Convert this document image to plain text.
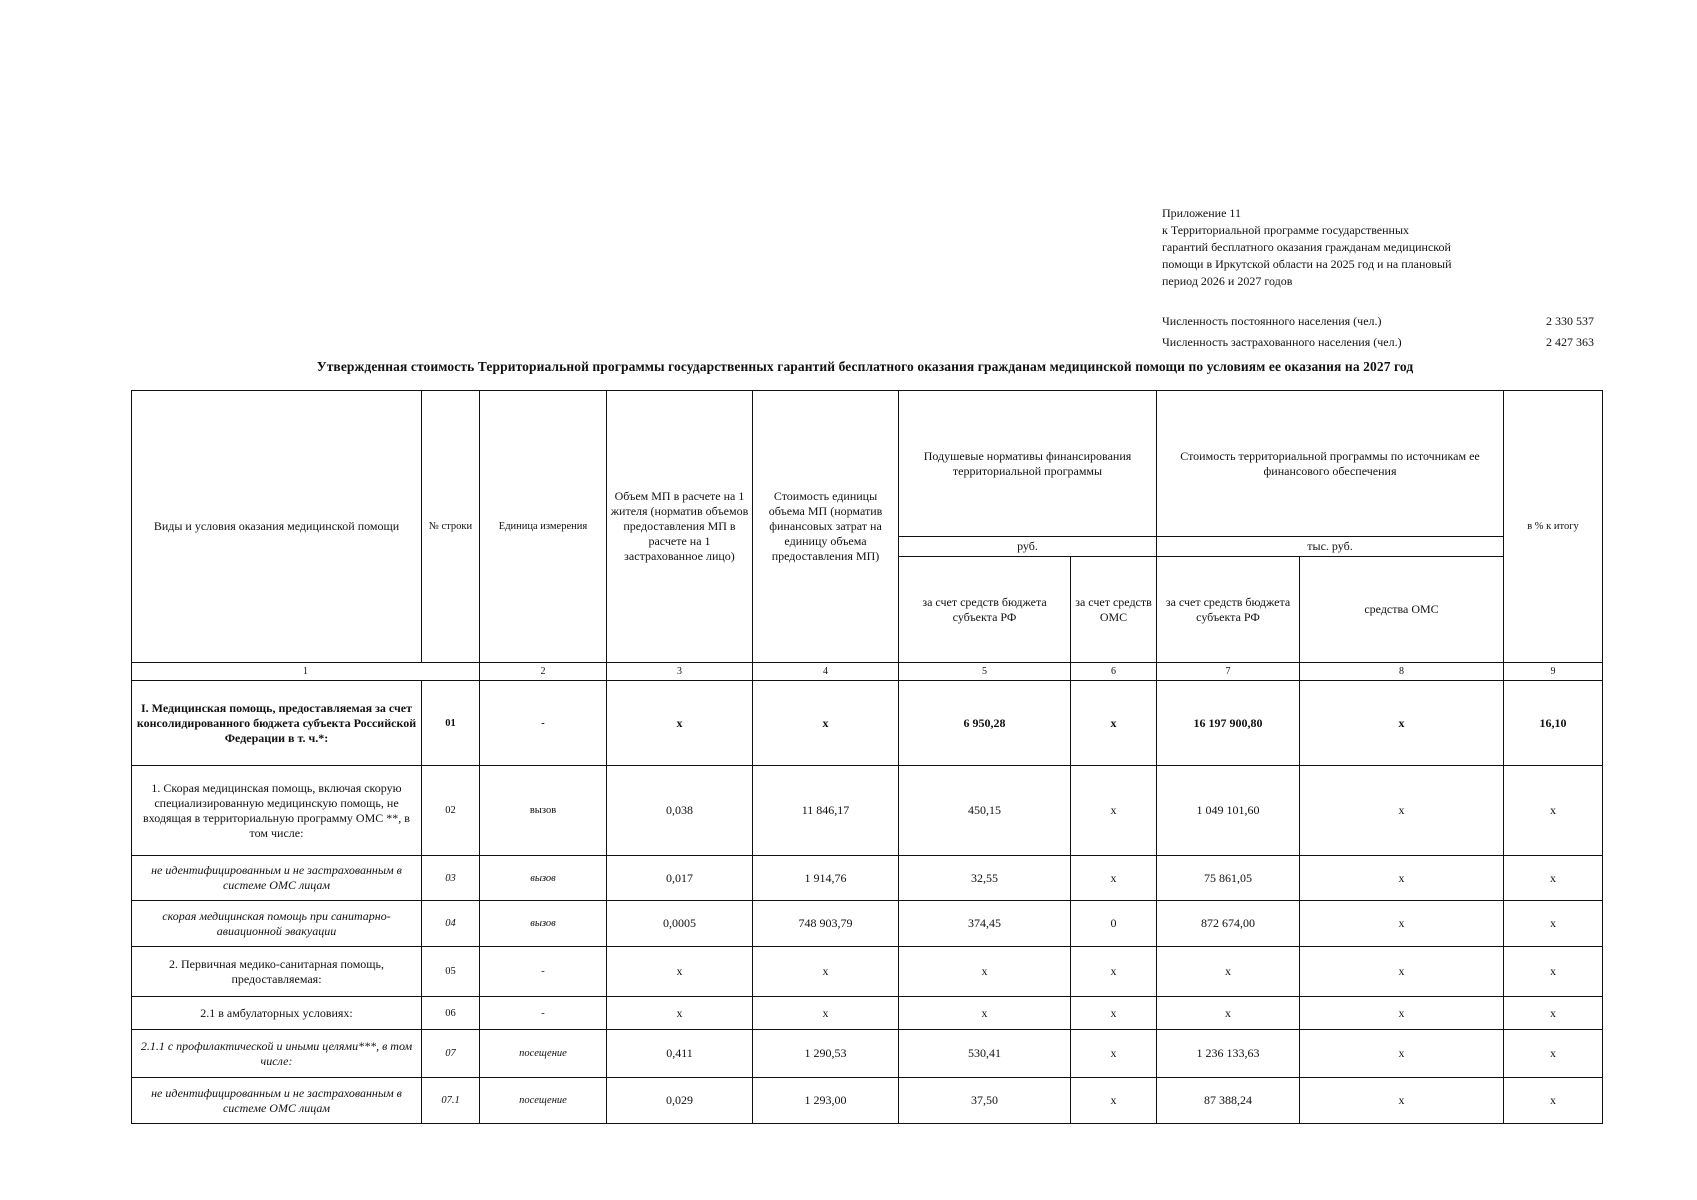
Приложение 11
к Территориальной программе государственных
гарантий бесплатного оказания гражданам медицинской
помощи в Иркутской области на 2025 год и на плановый
период 2026 и 2027 годов
Численность постоянного населения (чел.)	2 330 537
Численность застрахованного населения (чел.)	2 427 363
Утвержденная стоимость Территориальной программы государственных гарантий бесплатного оказания гражданам медицинской помощи по условиям ее оказания на 2027 год
Виды и условия оказания медицинской помощи	№ строки	Единица измерения	Объем МП в расчете на 1 жителя (норматив объемов предоставления МП в расчете на 1 застрахованное лицо)	Стоимость единицы объема МП (норматив финансовых затрат на единицу объема предоставления МП)	Подушевые нормативы финансирования территориальной программы		Стоимость территориальной программы по источникам ее финансового обеспечения		в % к итогу
					руб.		тыс. руб.		
					за счет средств бюджета субъекта РФ	за счет средств ОМС	за счет средств бюджета субъекта РФ	средства ОМС	
1		2	3	4	5	6	7	8	9
I. Медицинская помощь, предоставляемая за счет консолидированного бюджета субъекта Российской Федерации в т. ч.*:	01	-	x	x	6 950,28	x	16 197 900,80	x	16,10
1. Скорая медицинская помощь, включая скорую специализированную медицинскую помощь, не входящая в территориальную программу ОМС **, в том числе:	02	вызов	0,038	11 846,17	450,15	x	1 049 101,60	x	x
не идентифицированным и не застрахованным в системе ОМС лицам	03	вызов	0,017	1 914,76	32,55	x	75 861,05	x	x
скорая медицинская помощь при санитарно-авиационной эвакуации	04	вызов	0,0005	748 903,79	374,45	0	872 674,00	x	x
2. Первичная медико-санитарная помощь, предоставляемая:	05	-	x	x	x	x	x	x	x
2.1 в амбулаторных условиях:	06	-	x	x	x	x	x	x	x
2.1.1 с профилактической и иными целями***, в том числе:	07	посещение	0,411	1 290,53	530,41	x	1 236 133,63	x	x
не идентифицированным и не застрахованным в системе ОМС лицам	07.1	посещение	0,029	1 293,00	37,50	x	87 388,24	x	x
